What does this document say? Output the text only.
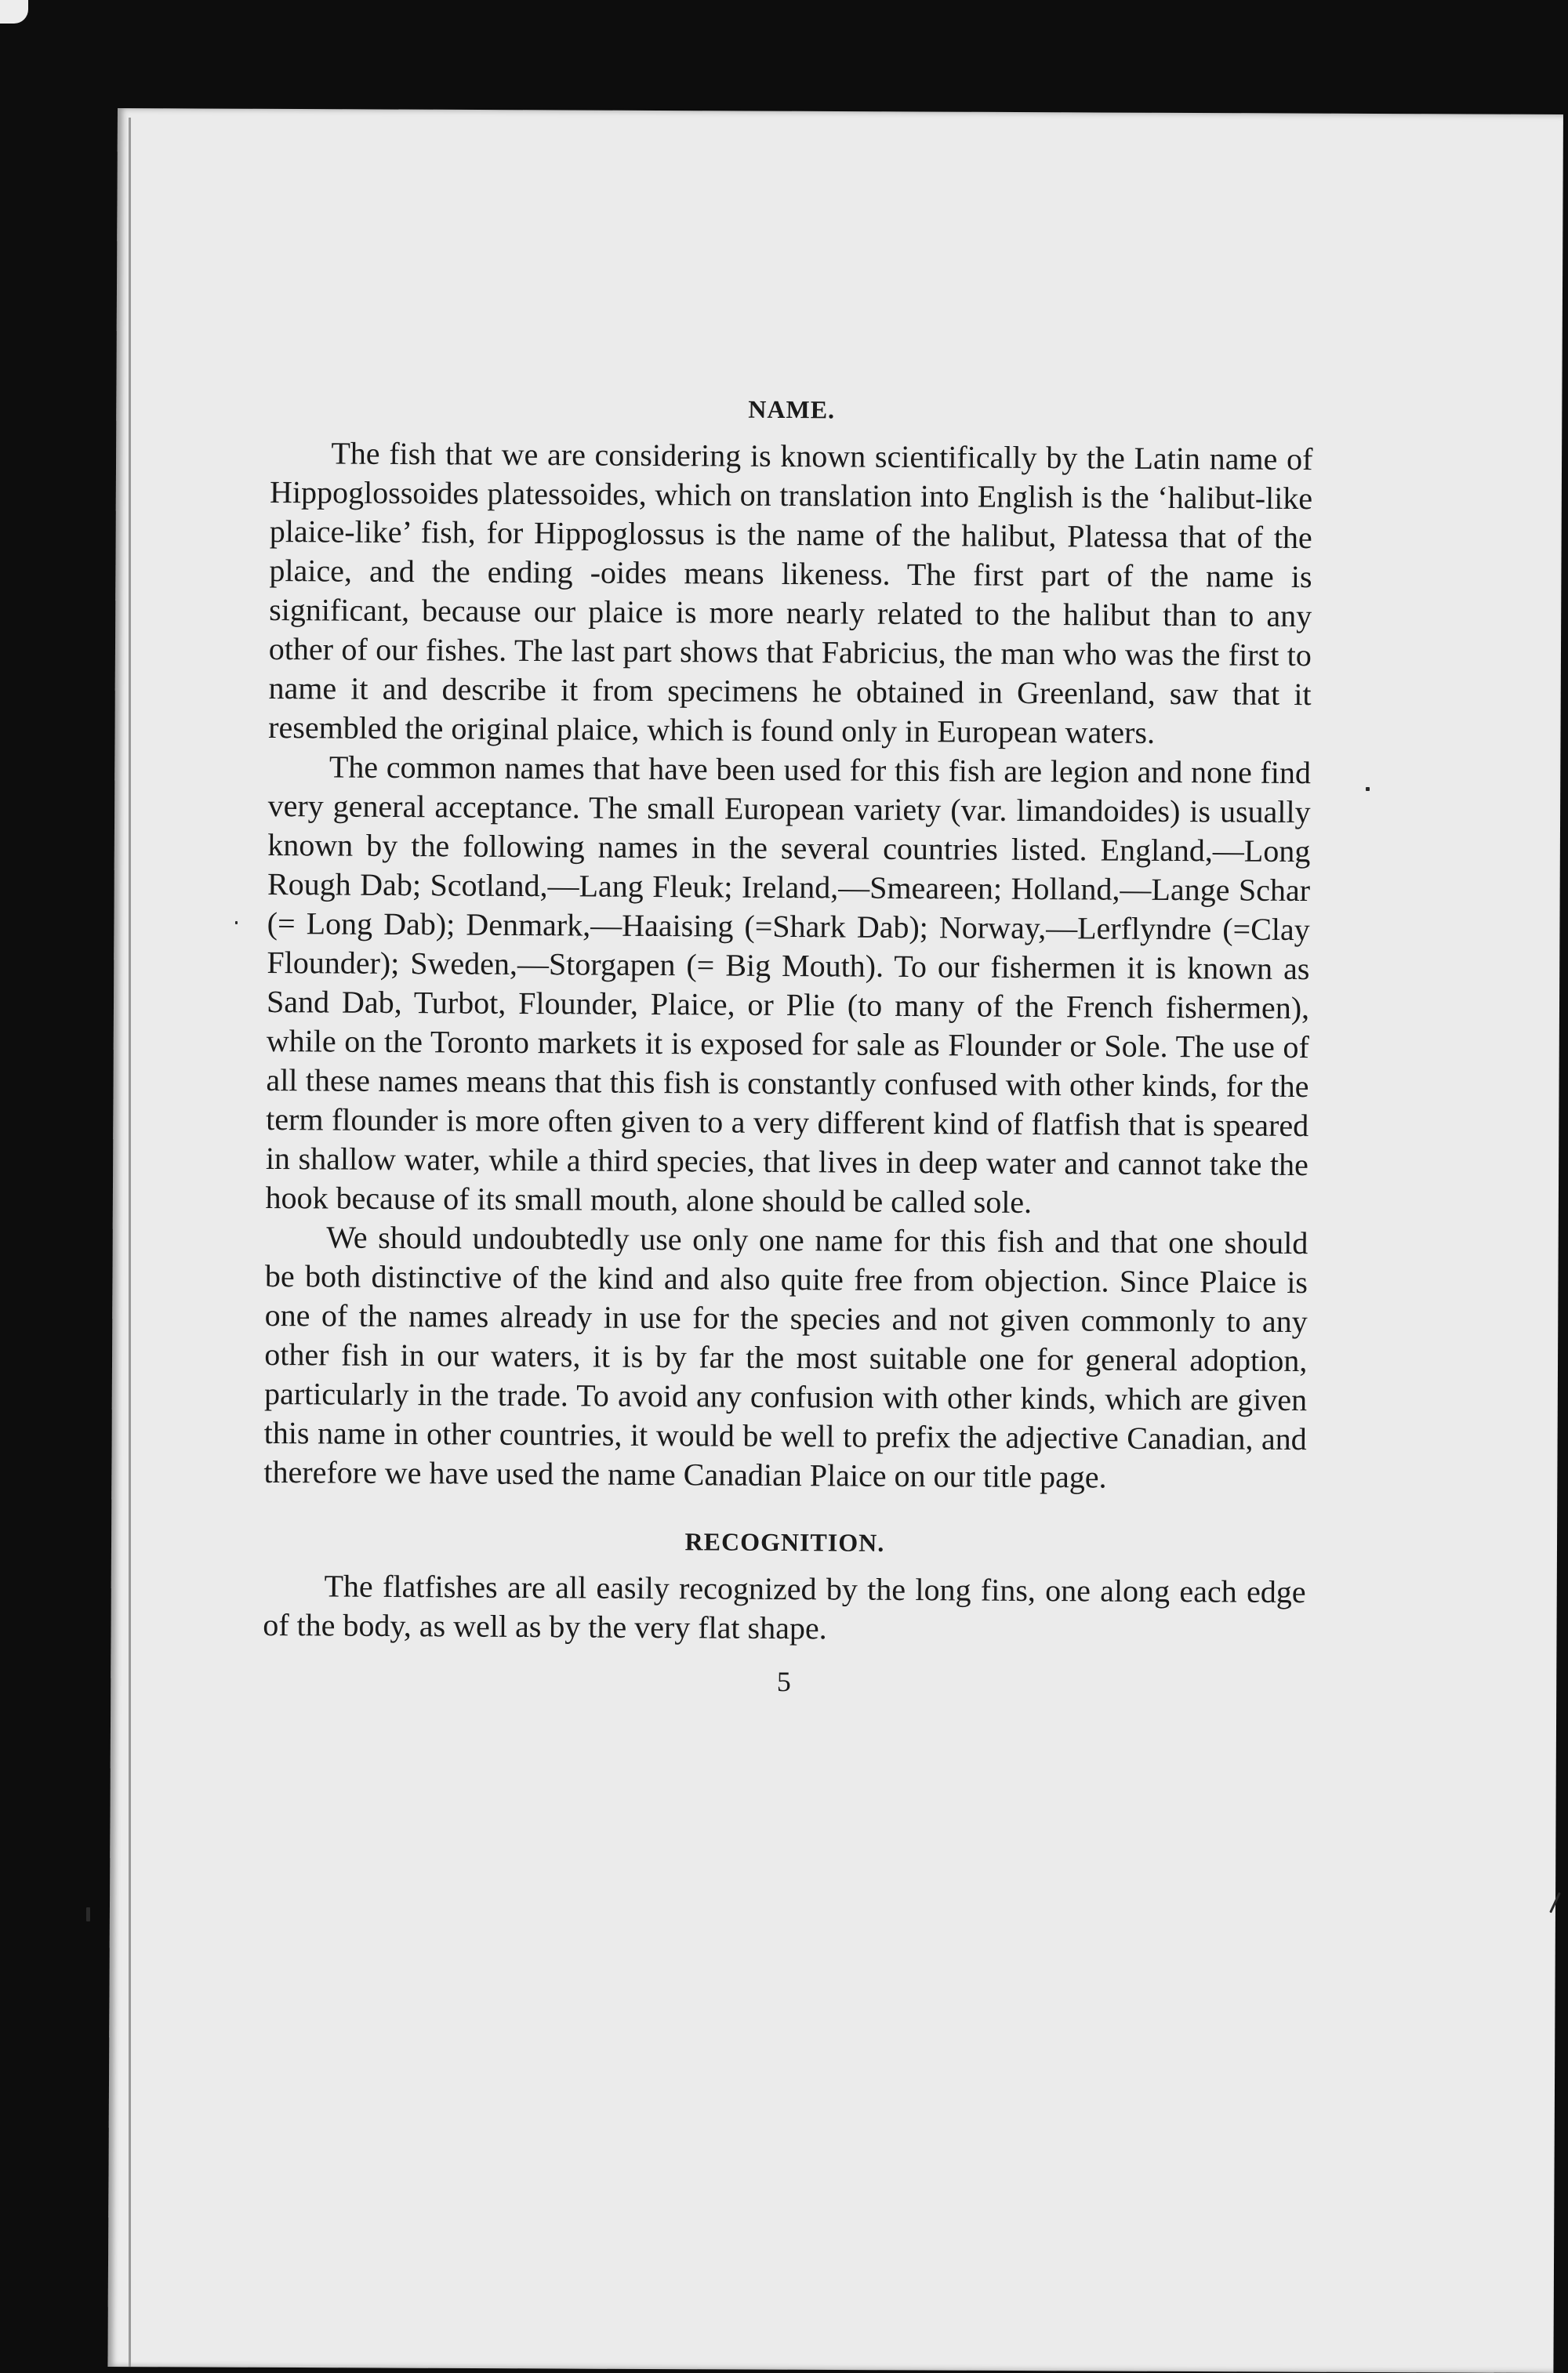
NAME.

The fish that we are considering is known scientifically by the Latin name of Hippoglossoides platessoides, which on translation into English is the ‘halibut-like plaice-like’ fish, for Hippoglossus is the name of the halibut, Platessa that of the plaice, and the ending -oides means likeness. The first part of the name is significant, because our plaice is more nearly related to the halibut than to any other of our fishes. The last part shows that Fabricius, the man who was the first to name it and describe it from specimens he obtained in Greenland, saw that it resembled the original plaice, which is found only in European waters.

The common names that have been used for this fish are legion and none find very general acceptance. The small European variety (var. limandoides) is usually known by the following names in the several countries listed. England,—Long Rough Dab; Scotland,—Lang Fleuk; Ireland,—Smeareen; Holland,—Lange Schar (= Long Dab); Denmark,—Haaising (=Shark Dab); Norway,—Lerflyndre (=Clay Flounder); Sweden,—Storgapen (= Big Mouth). To our fishermen it is known as Sand Dab, Turbot, Flounder, Plaice, or Plie (to many of the French fishermen), while on the Toronto markets it is exposed for sale as Flounder or Sole. The use of all these names means that this fish is constantly confused with other kinds, for the term flounder is more often given to a very different kind of flatfish that is speared in shallow water, while a third species, that lives in deep water and cannot take the hook because of its small mouth, alone should be called sole.

We should undoubtedly use only one name for this fish and that one should be both distinctive of the kind and also quite free from objection. Since Plaice is one of the names already in use for the species and not given commonly to any other fish in our waters, it is by far the most suitable one for general adoption, particularly in the trade. To avoid any confusion with other kinds, which are given this name in other countries, it would be well to prefix the adjective Canadian, and therefore we have used the name Canadian Plaice on our title page.

RECOGNITION.

The flatfishes are all easily recognized by the long fins, one along each edge of the body, as well as by the very flat shape.

5
